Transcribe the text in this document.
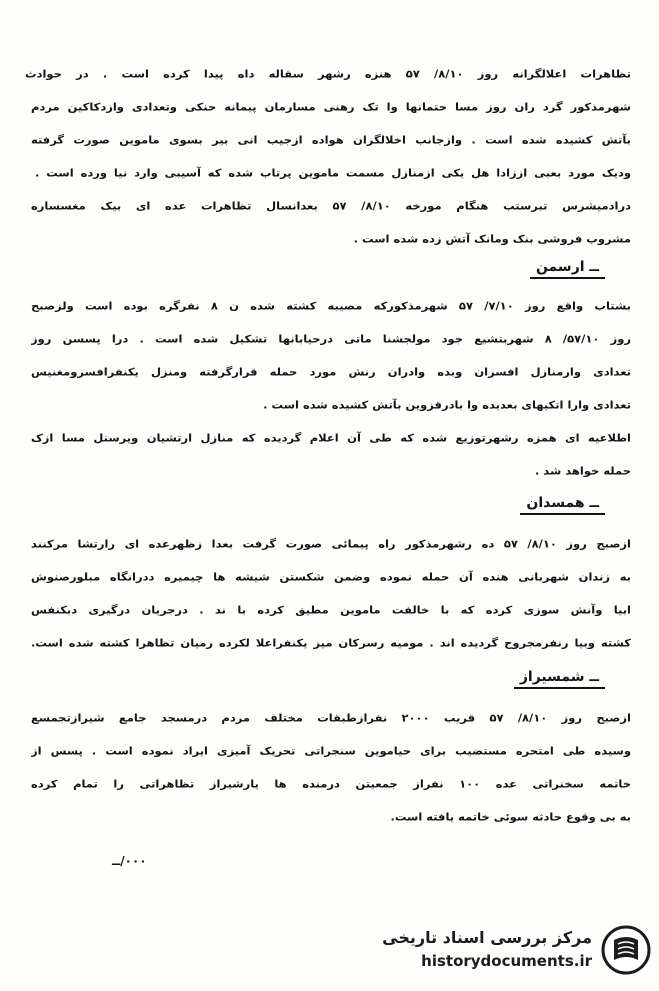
تظاهرات اعلالگرانه روز ۸/۱۰/ ۵۷ هنزه رشهر سقاله داه پیدا کرده است . در حوادث
شهرمذکور گرد ران روز مسا حتمانها وا تک رهنی مسارمان پیمانه حنکی وتعدادی وازدکاکین مردم
بآتش کشیده شده است . وازجانب اخلالگران هواده ازجیب انی بیر بسوی ماموین صورت گرفته
ودیک مورد بعبی اززادا هل یکی ازمنازل مسمت ماموین پرتاب شده که آسیبی وارد نیا ورده است .
درادمیشرس تبرستب هنگام مورخه ۸/۱۰/ ۵۷ بعدانسال تظاهرات عده ای بیک مغسساره
مشروب فروشی بنک ومانک آتش زده شده است .
ــ ارسمن
بشتاب واقع روز ۷/۱۰/ ۵۷ شهرمذکورکه مصیبه کشته شده ن ۸ نفرگره بوده است ولزصبح
روز ۵۷/۱۰/ ۸ شهربتشیع جود مولجشنا ماتی درحیابانها تشکیل شده است . درا پسسن روز
تعدادی وارمنازل افسران وبده وادران رنش مورد حمله قرارگرفته ومنزل یکنفرافسرومغنیس
تعدادی وارا اتکیهای بعدیده وا بادرقزوین بآتش کشیده شده است .
اطلاعیه ای همزه رشهرتوزیع شده که طی آن اعلام گردیده که منازل ارتشیان ویرسنل مسا ازک
حمله خواهد شد .
ــ همسدان
ازصبح روز ۸/۱۰/ ۵۷ ده رشهرمذکور راه پیمائی صورت گرفت بعدا زظهرعده ای رارتشا مرکنند
به زندان شهربانی هنده آن حمله نموده وضمن شکستن شیشه ها چیمیره ددرانگاه مبلورصنوش
ابیا وآنش سوزی کرده که با خالفت ماموین مطیق کرده با ند . درجریان درگیری دبکنفس
کشته وبیا رنفرمجروح گردیده اند . مومیه رسرکان میز یکنفراعلا لکرده رمیان تظاهرا کشته شده است.
ــ شمسیراز
ازصبح روز ۸/۱۰/ ۵۷ قریب ۲۰۰۰ نفرازطبقات مختلف مردم درمسجد جامع شیرازتجمسع
وسیده طی امتحره مستضیب برای حیاموین سنجراتی تحریک آمیزی ایراد نموده است . پسس از
خاتمه سخنراتی عده ۱۰۰ نفراز جمعیتن درمنده ها یارشیراز تظاهراتی را تمام کرده
به بی وقوع حادثه سوئی خاتمه یافته است.
۰۰۰/ــ
مرکز بررسی اسناد تاریخی
historydocuments.ir
